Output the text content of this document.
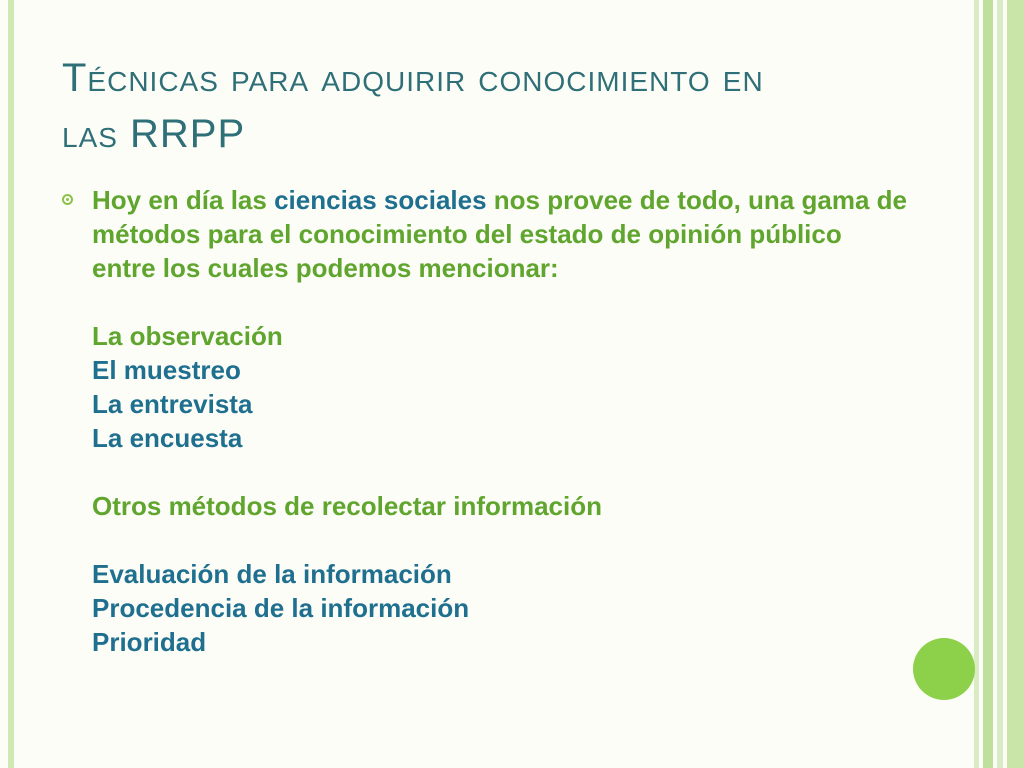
Técnicas para adquirir conocimiento en
las RRPP

Hoy en día las ciencias sociales nos provee de todo, una gama de métodos para el conocimiento del estado de opinión público entre los cuales podemos mencionar:

La observación

El muestreo

La entrevista

La encuesta

Otros métodos de recolectar información

Evaluación de la información

Procedencia de la información

Prioridad
